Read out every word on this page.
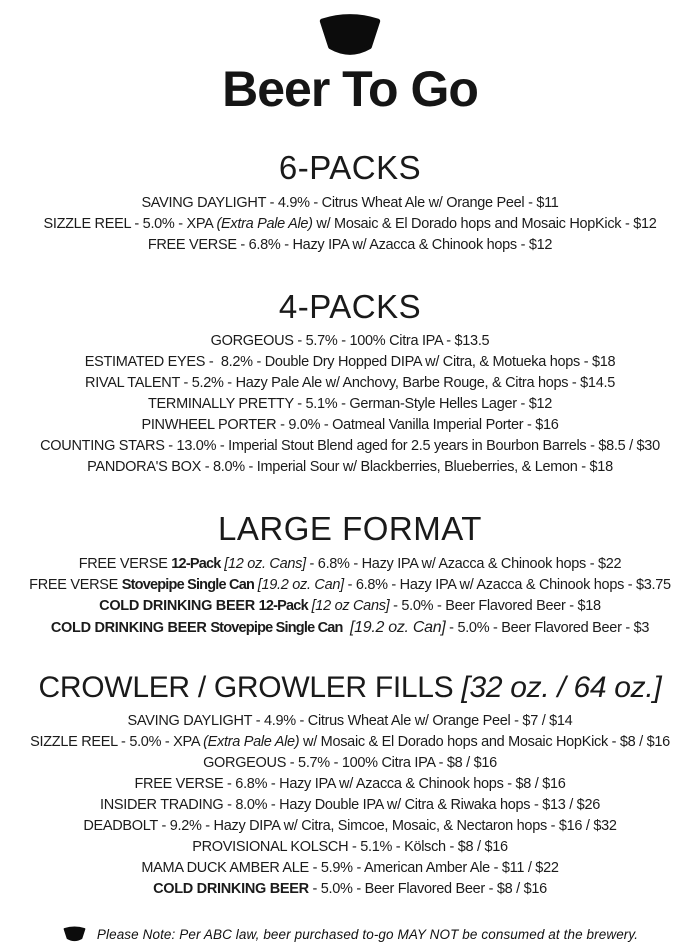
Beer To Go
6-PACKS

SAVING DAYLIGHT - 4.9% - Citrus Wheat Ale w/ Orange Peel - $11

SIZZLE REEL - 5.0% - XPA (Extra Pale Ale) w/ Mosaic & El Dorado hops and Mosaic HopKick - $12

FREE VERSE - 6.8% - Hazy IPA w/ Azacca & Chinook hops - $12

4-PACKS

GORGEOUS - 5.7% - 100% Citra IPA - $13.5

ESTIMATED EYES -  8.2% - Double Dry Hopped DIPA w/ Citra, & Motueka hops - $18

RIVAL TALENT - 5.2% - Hazy Pale Ale w/ Anchovy, Barbe Rouge, & Citra hops - $14.5

TERMINALLY PRETTY - 5.1% - German-Style Helles Lager - $12

PINWHEEL PORTER - 9.0% - Oatmeal Vanilla Imperial Porter - $16

COUNTING STARS - 13.0% - Imperial Stout Blend aged for 2.5 years in Bourbon Barrels - $8.5 / $30

PANDORA'S BOX - 8.0% - Imperial Sour w/ Blackberries, Blueberries, & Lemon - $18

LARGE FORMAT

FREE VERSE 12-Pack [12 oz. Cans] - 6.8% - Hazy IPA w/ Azacca & Chinook hops - $22

FREE VERSE Stovepipe Single Can [19.2 oz. Can] - 6.8% - Hazy IPA w/ Azacca & Chinook hops - $3.75

COLD DRINKING BEER 12-Pack [12 oz Cans] - 5.0% - Beer Flavored Beer - $18

COLD DRINKING BEER Stovepipe Single Can [19.2 oz. Can] - 5.0% - Beer Flavored Beer - $3

CROWLER / GROWLER FILLS [32 oz. / 64 oz.]

SAVING DAYLIGHT - 4.9% - Citrus Wheat Ale w/ Orange Peel - $7 / $14

SIZZLE REEL - 5.0% - XPA (Extra Pale Ale) w/ Mosaic & El Dorado hops and Mosaic HopKick - $8 / $16

GORGEOUS - 5.7% - 100% Citra IPA - $8 / $16

FREE VERSE - 6.8% - Hazy IPA w/ Azacca & Chinook hops - $8 / $16

INSIDER TRADING - 8.0% - Hazy Double IPA w/ Citra & Riwaka hops - $13 / $26

DEADBOLT - 9.2% - Hazy DIPA w/ Citra, Simcoe, Mosaic, & Nectaron hops - $16 / $32

PROVISIONAL KOLSCH - 5.1% - Kölsch - $8 / $16

MAMA DUCK AMBER ALE - 5.9% - American Amber Ale - $11 / $22

COLD DRINKING BEER - 5.0% - Beer Flavored Beer - $8 / $16

Please Note: Per ABC law, beer purchased to-go MAY NOT be consumed at the brewery.
